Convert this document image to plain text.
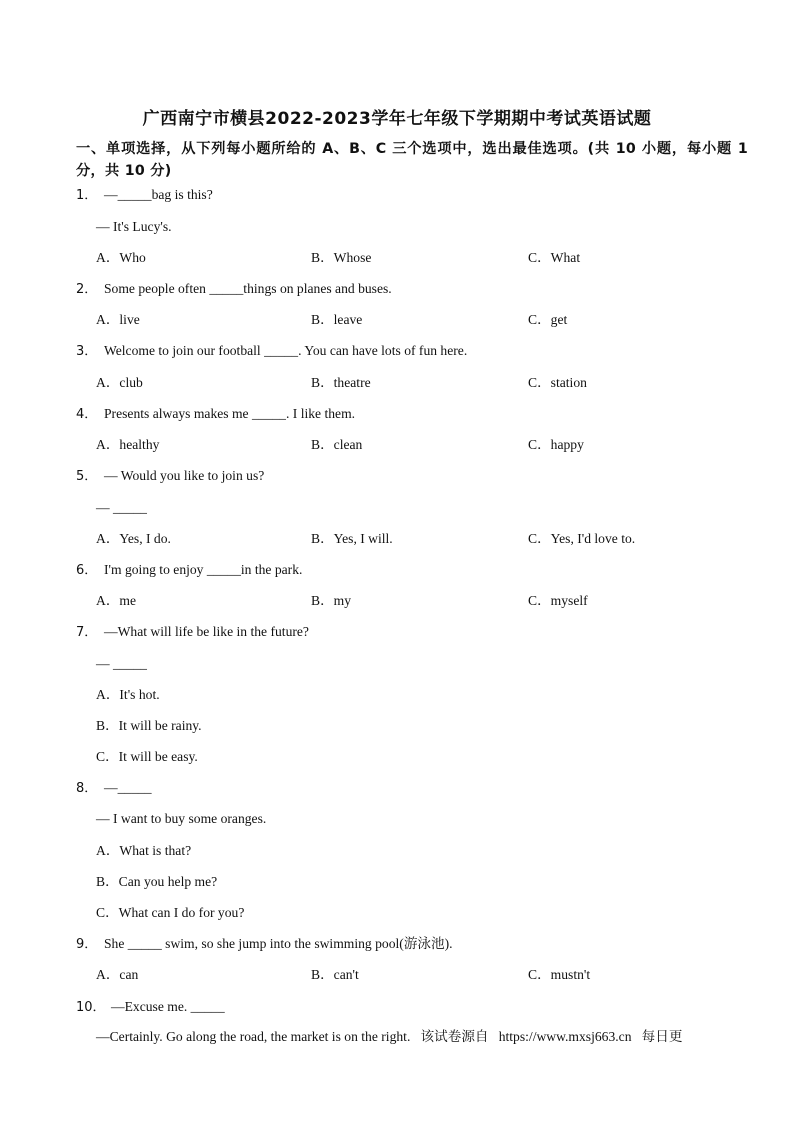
广西南宁市横县2022-2023学年七年级下学期期中考试英语试题
一、单项选择，从下列每小题所给的 A、B、C 三个选项中，选出最佳选项。(共 10 小题，每小题 1 分，共 10 分)
1． —_____bag is this?
— It's Lucy's.
A．Who	B．Whose	C．What
2． Some people often _____things on planes and buses.
A．live	B．leave	C．get
3． Welcome to join our football _____. You can have lots of fun here.
A．club	B．theatre	C．station
4． Presents always makes me _____. I like them.
A．healthy	B．clean	C．happy
5． — Would you like to join us?
— _____
A．Yes, I do.	B．Yes, I will.	C．Yes, I'd love to.
6． I'm going to enjoy _____in the park.
A．me	B．my	C．myself
7． —What will life be like in the future?
— _____
A．It's hot.
B．It will be rainy.
C．It will be easy.
8． —_____
— I want to buy some oranges.
A．What is that?
B．Can you help me?
C．What can I do for you?
9． She _____ swim, so she jump into the swimming pool(游泳池).
A．can	B．can't	C．mustn't
10． —Excuse me. _____
—Certainly. Go along the road, the market is on the right.   该试卷源自   https://www.mxsj663.cn   每日更
